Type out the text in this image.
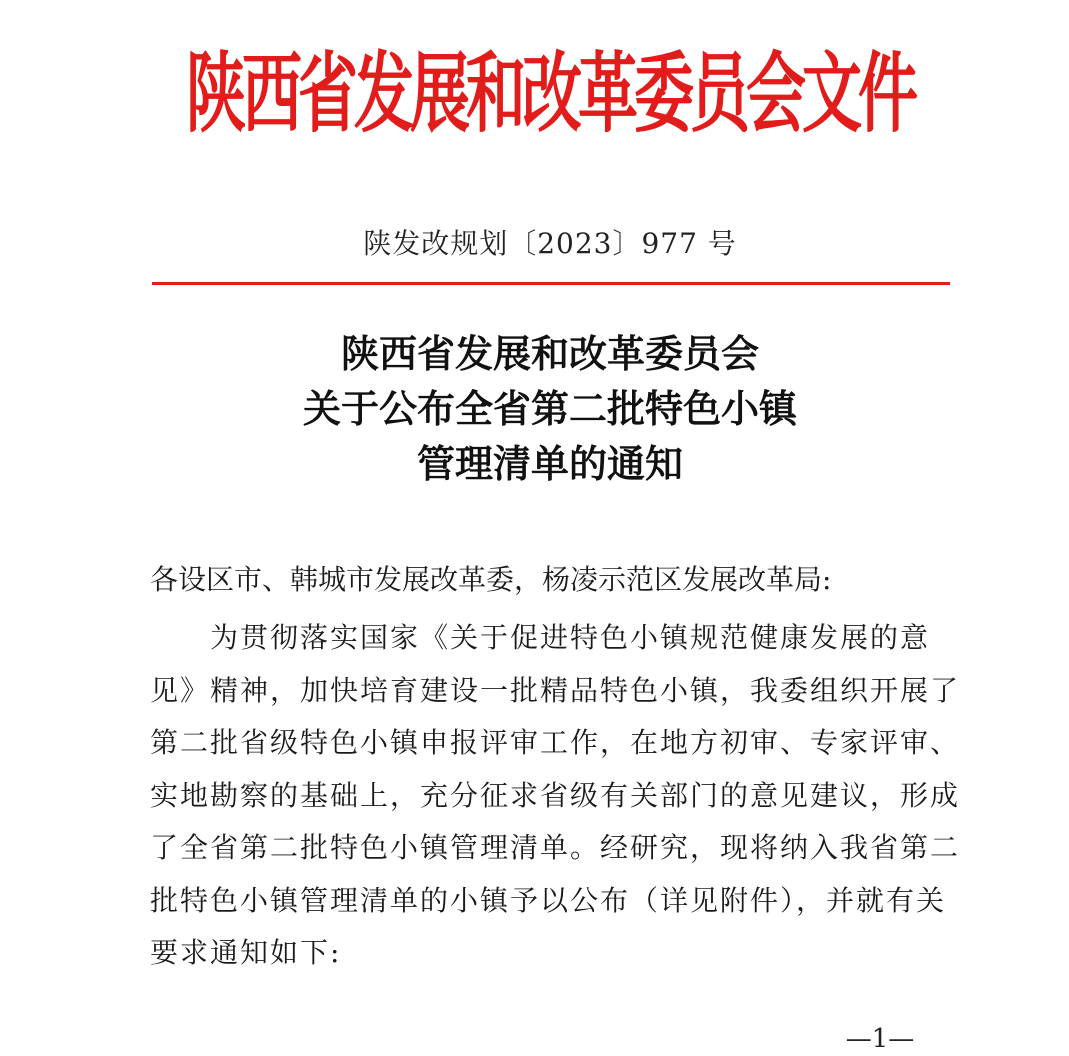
陕西省发展和改革委员会文件
陕发改规划〔2023〕977 号
陕西省发展和改革委员会
关于公布全省第二批特色小镇
管理清单的通知
各设区市、韩城市发展改革委，杨凌示范区发展改革局:
为贯彻落实国家《关于促进特色小镇规范健康发展的意
见》精神，加快培育建设一批精品特色小镇，我委组织开展了
第二批省级特色小镇申报评审工作，在地方初审、专家评审、
实地勘察的基础上，充分征求省级有关部门的意见建议，形成
了全省第二批特色小镇管理清单。经研究，现将纳入我省第二
批特色小镇管理清单的小镇予以公布（详见附件），并就有关
要求通知如下:
—1—
